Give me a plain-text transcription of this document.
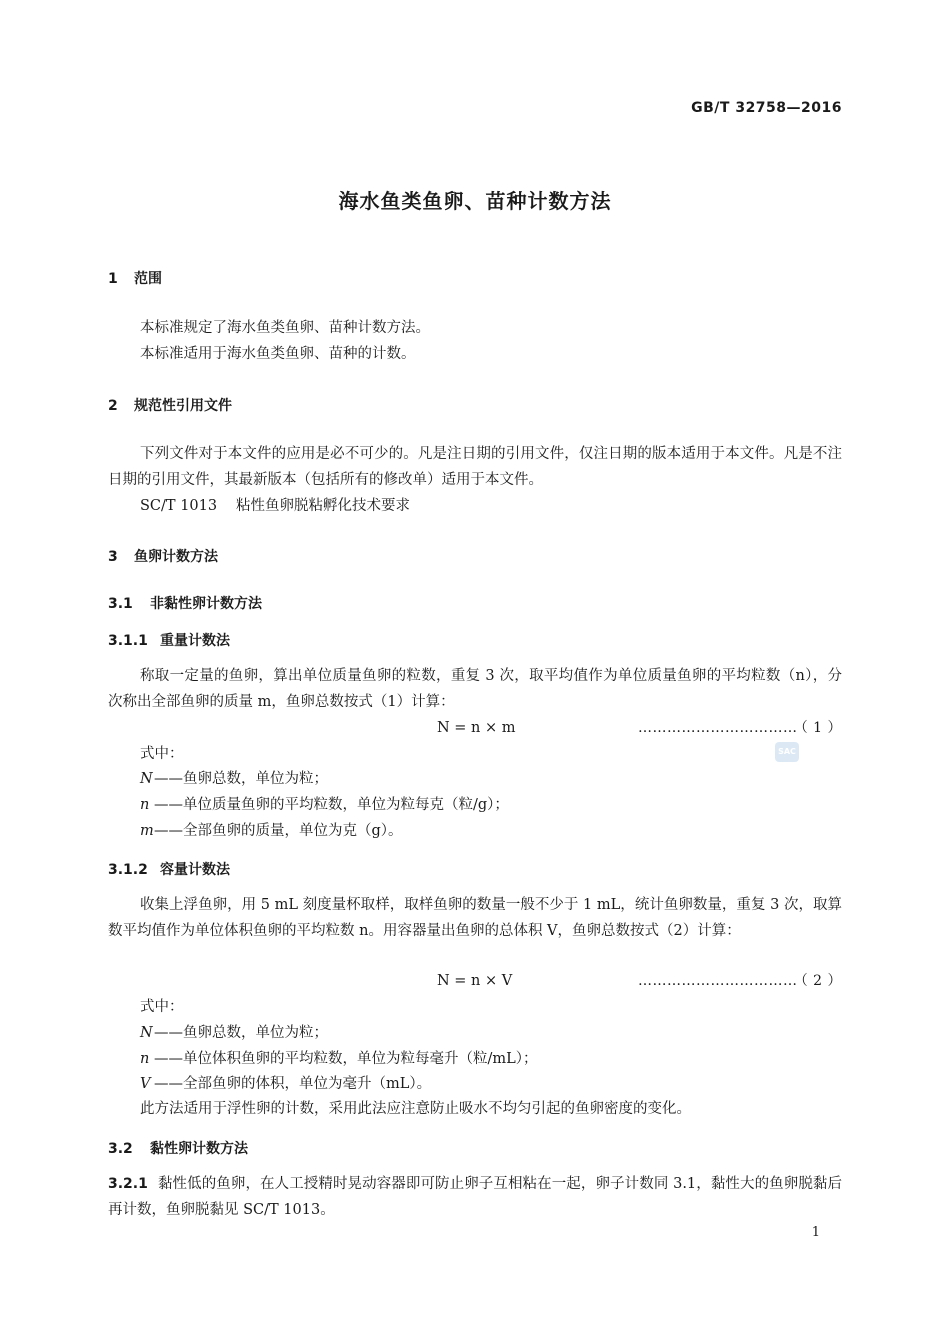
GB/T 32758—2016
海水鱼类鱼卵、苗种计数方法
1 范围
本标准规定了海水鱼类鱼卵、苗种计数方法。
本标准适用于海水鱼类鱼卵、苗种的计数。
2 规范性引用文件
下列文件对于本文件的应用是必不可少的。凡是注日期的引用文件，仅注日期的版本适用于本文件。凡是不注日期的引用文件，其最新版本（包括所有的修改单）适用于本文件。
SC/T 1013 粘性鱼卵脱粘孵化技术要求
3 鱼卵计数方法
3.1 非黏性卵计数方法
3.1.1 重量计数法
称取一定量的鱼卵，算出单位质量鱼卵的粒数，重复 3 次，取平均值作为单位质量鱼卵的平均粒数（n），分次称出全部鱼卵的质量 m，鱼卵总数按式（1）计算：
N = n × m	……………………………
（ 1 ）
SAC
式中：
N——鱼卵总数，单位为粒；
n ——单位质量鱼卵的平均粒数，单位为粒每克（粒/g）；
m——全部鱼卵的质量，单位为克（g）。
3.1.2 容量计数法
收集上浮鱼卵，用 5 mL 刻度量杯取样，取样鱼卵的数量一般不少于 1 mL，统计鱼卵数量，重复 3 次，取算数平均值作为单位体积鱼卵的平均粒数 n。用容器量出鱼卵的总体积 V，鱼卵总数按式（2）计算：
N = n × V	……………………………
（ 2 ）
式中：
N——鱼卵总数，单位为粒；
n ——单位体积鱼卵的平均粒数，单位为粒每毫升（粒/mL）；
V ——全部鱼卵的体积，单位为毫升（mL）。
此方法适用于浮性卵的计数，采用此法应注意防止吸水不均匀引起的鱼卵密度的变化。
3.2 黏性卵计数方法
3.2.1 黏性低的鱼卵，在人工授精时晃动容器即可防止卵子互相粘在一起，卵子计数同 3.1，黏性大的鱼卵脱黏后再计数，鱼卵脱黏见 SC/T 1013。
1
